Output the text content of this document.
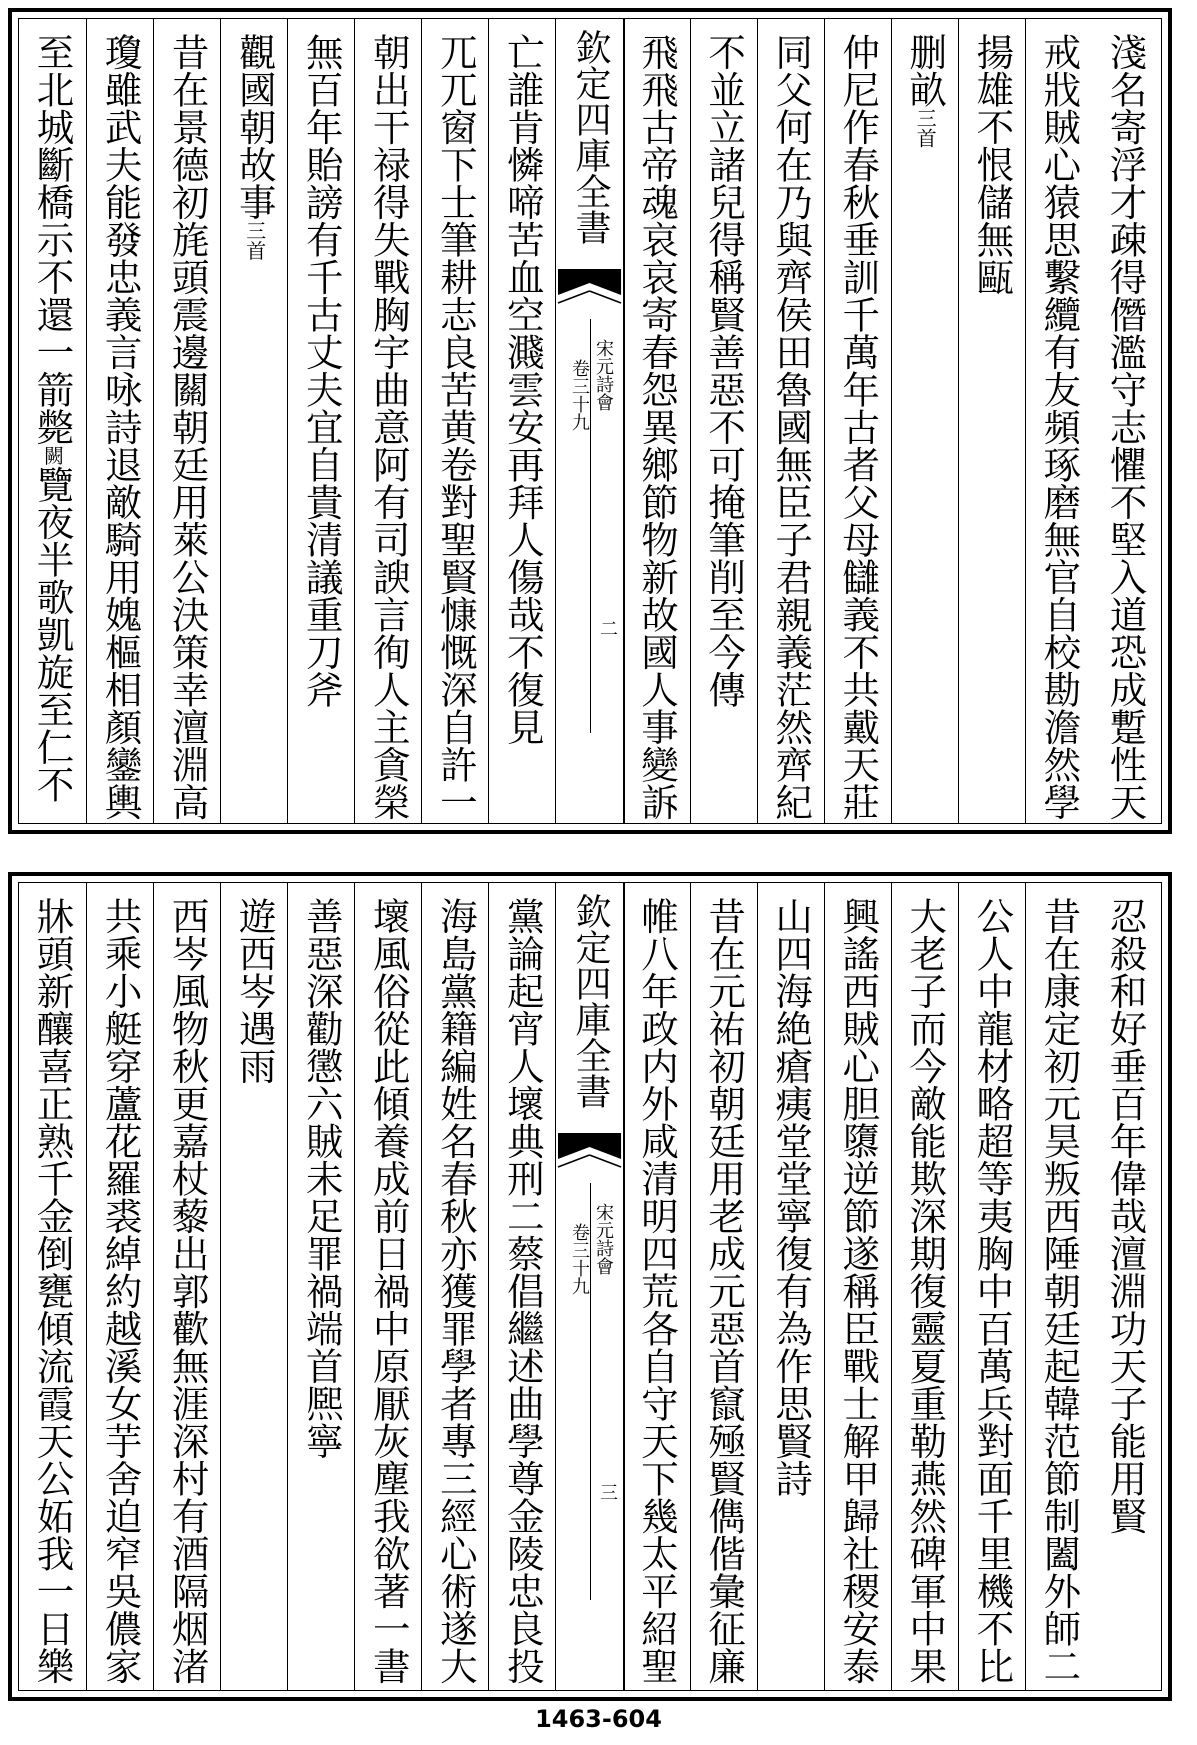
淺名寄浮才疎得僭濫守志懼不堅入道恐成蹔性天
戒戕賊心猿思繫纜有友頻琢磨無官自校勘澹然學
揚雄不恨儲無甌
删畝三首
仲尼作春秋垂訓千萬年古者父母讎義不共戴天莊
同父何在乃與齊侯田魯國無臣子君親義茫然齊紀
不並立諸兒得稱賢善惡不可掩筆削至今傳
飛飛古帝魂哀哀寄春怨異鄉節物新故國人事變訴
欽定四庫全書
宋元詩會
卷三十九
二
亡誰肯憐啼苦血空濺雲安再拜人傷哉不復見
兀兀窗下士筆耕志良苦黄卷對聖賢慷慨深自許一
朝出干禄得失戰胸宇曲意阿有司諛言徇人主貪榮
無百年貽謗有千古丈夫宜自貴清議重刀斧
觀國朝故事三首
昔在景德初旄頭震邊關朝廷用萊公決策幸澶淵高
瓊雖武夫能發忠義言咏詩退敵騎用媿樞相顏鑾輿
至北城斷橋示不還一箭斃闕覽夜半歌凱旋至仁不
忍殺和好垂百年偉哉澶淵功天子能用賢
昔在康定初元昊叛西陲朝廷起韓范節制闔外師二
公人中龍材略超等夷胸中百萬兵對面千里機不比
大老子而今敵能欺深期復靈夏重勒燕然碑軍中果
興謠西賊心胆隳逆節遂稱臣戰士解甲歸社稷安泰
山四海絶瘡痍堂堂寧復有為作思賢詩
昔在元祐初朝廷用老成元惡首竄殛賢儁偕彙征廉
帷八年政内外咸清明四荒各自守天下幾太平紹聖
欽定四庫全書
宋元詩會
卷三十九
三
黨論起宵人壞典刑二蔡倡繼述曲學尊金陵忠良投
海島黨籍編姓名春秋亦獲罪學者專三經心術遂大
壞風俗從此傾養成前日禍中原厭灰塵我欲著一書
善惡深勸懲六賊未足罪禍端首熈寧
遊西岑遇雨
西岑風物秋更嘉杖藜出郭歡無涯深村有酒隔烟渚
共乘小艇穿蘆花羅裘綽約越溪女芋舍迫窄吳儂家
牀頭新釀喜正熟千金倒甕傾流霞天公妬我一日樂
1463-604
